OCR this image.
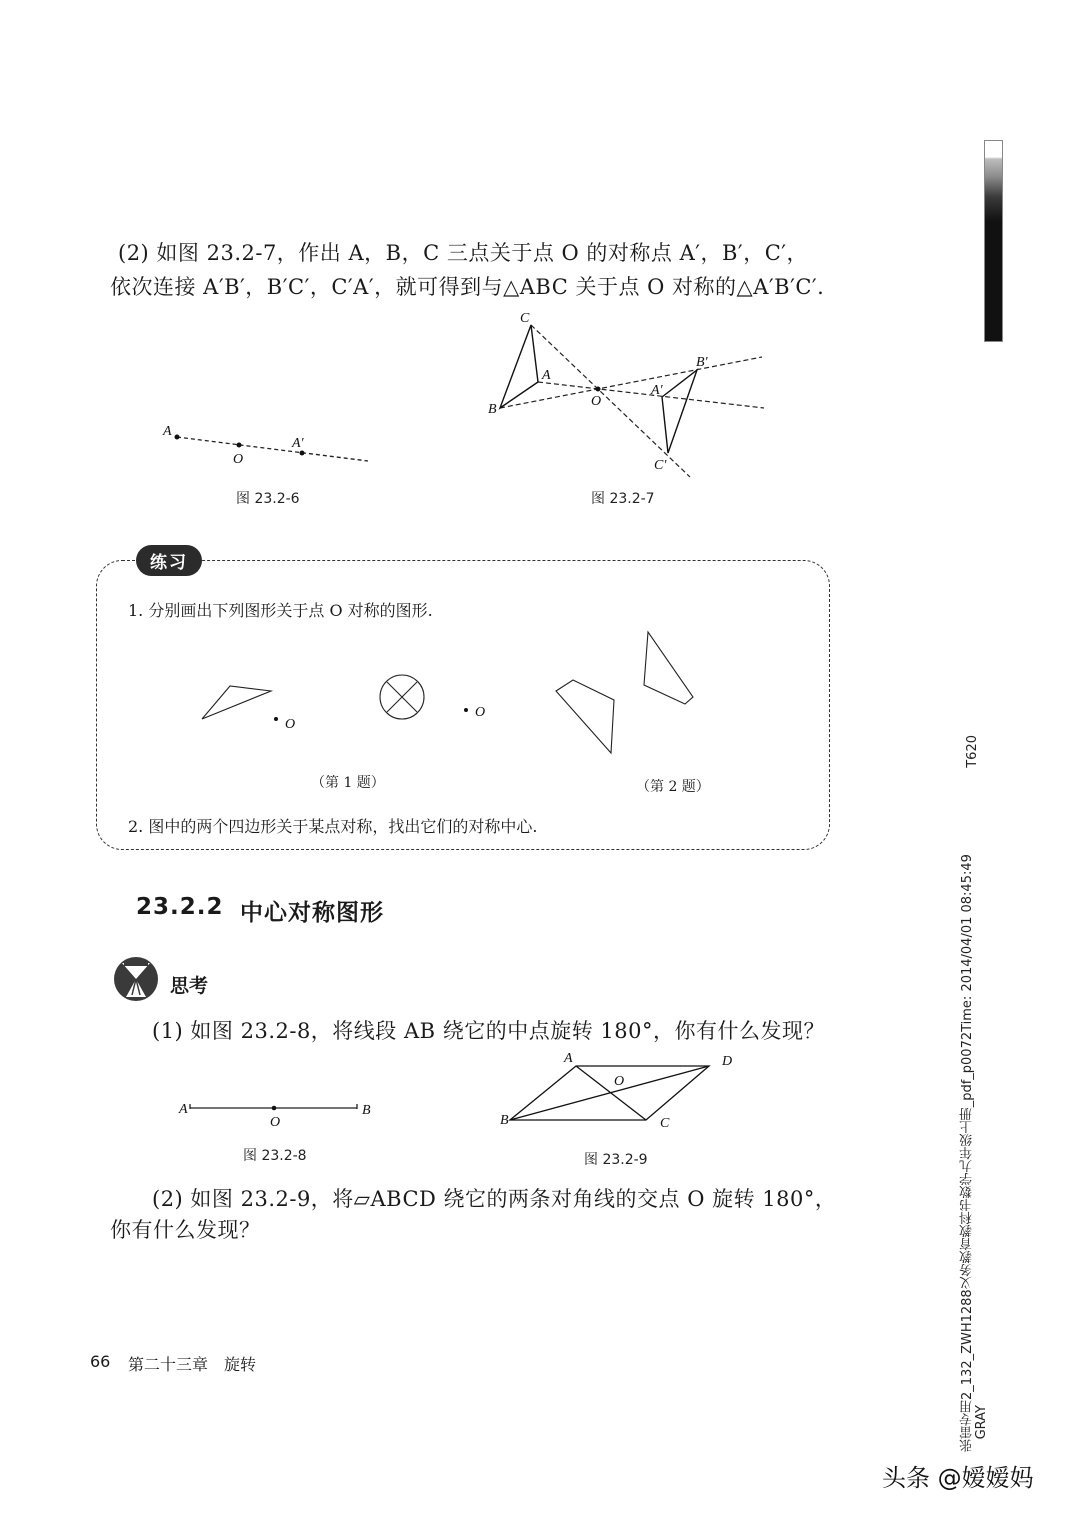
(2) 如图 23.2-7，作出 A，B，C 三点关于点 O 的对称点 A′，B′，C′，
依次连接 A′B′，B′C′，C′A′，就可得到与△ABC 关于点 O 对称的△A′B′C′.
A
O
A′
图 23.2-6
C
A
B
O
A′
B′
C′
图 23.2-7
练习
1. 分别画出下列图形关于点 O 对称的图形.
O
O
（第 1 题）	（第 2 题）
2. 图中的两个四边形关于某点对称，找出它们的对称中心.
23.2.2 中心对称图形
思考
(1) 如图 23.2-8，将线段 AB 绕它的中点旋转 180°，你有什么发现？
A
O
B
图 23.2-8
A	D
O
B	C
图 23.2-9
(2) 如图 23.2-9，将▱ABCD 绕它的两条对角线的交点 O 旋转 180°，
你有什么发现？
66 第二十三章　旋转
T620
张雷专用2_132_ZWH1288义务教育教科书数学九年级上册_pdf_p0072Time: 2014/04/01 08:45:49 GRAY
头条 @嫒嫒妈
